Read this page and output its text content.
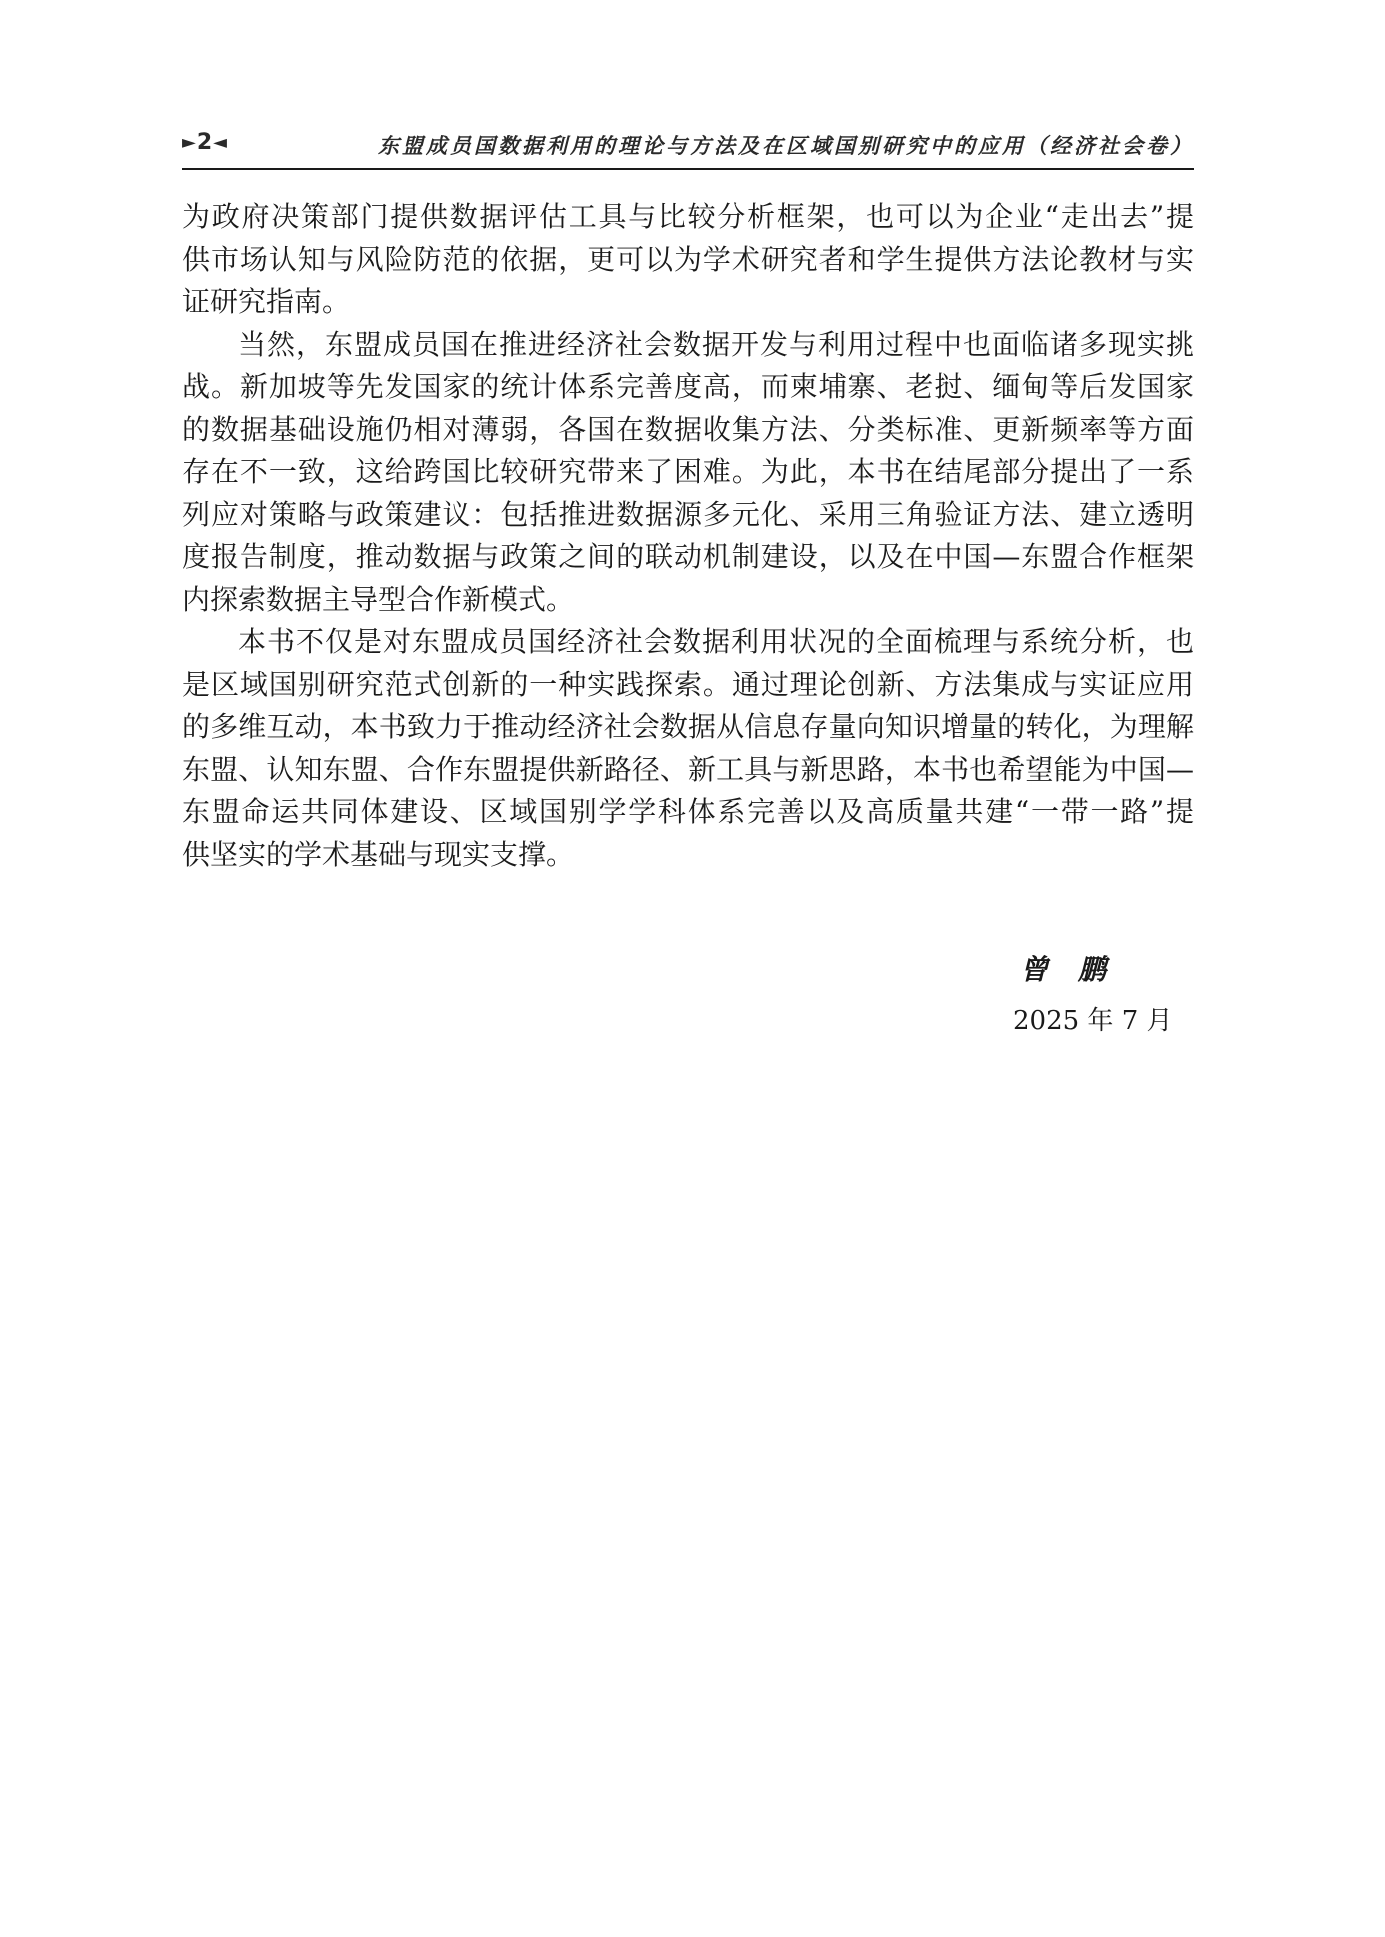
►2◄	东盟成员国数据利用的理论与方法及在区域国别研究中的应用（经济社会卷）

为政府决策部门提供数据评估工具与比较分析框架，也可以为企业“走出去”提
供市场认知与风险防范的依据，更可以为学术研究者和学生提供方法论教材与实
证研究指南。

当然，东盟成员国在推进经济社会数据开发与利用过程中也面临诸多现实挑
战。新加坡等先发国家的统计体系完善度高，而柬埔寨、老挝、缅甸等后发国家
的数据基础设施仍相对薄弱，各国在数据收集方法、分类标准、更新频率等方面
存在不一致，这给跨国比较研究带来了困难。为此，本书在结尾部分提出了一系
列应对策略与政策建议：包括推进数据源多元化、采用三角验证方法、建立透明
度报告制度，推动数据与政策之间的联动机制建设，以及在中国—东盟合作框架
内探索数据主导型合作新模式。

本书不仅是对东盟成员国经济社会数据利用状况的全面梳理与系统分析，也
是区域国别研究范式创新的一种实践探索。通过理论创新、方法集成与实证应用
的多维互动，本书致力于推动经济社会数据从信息存量向知识增量的转化，为理解
东盟、认知东盟、合作东盟提供新路径、新工具与新思路，本书也希望能为中国—
东盟命运共同体建设、区域国别学学科体系完善以及高质量共建“一带一路”提
供坚实的学术基础与现实支撑。

曾鹏
2025 年 7 月
